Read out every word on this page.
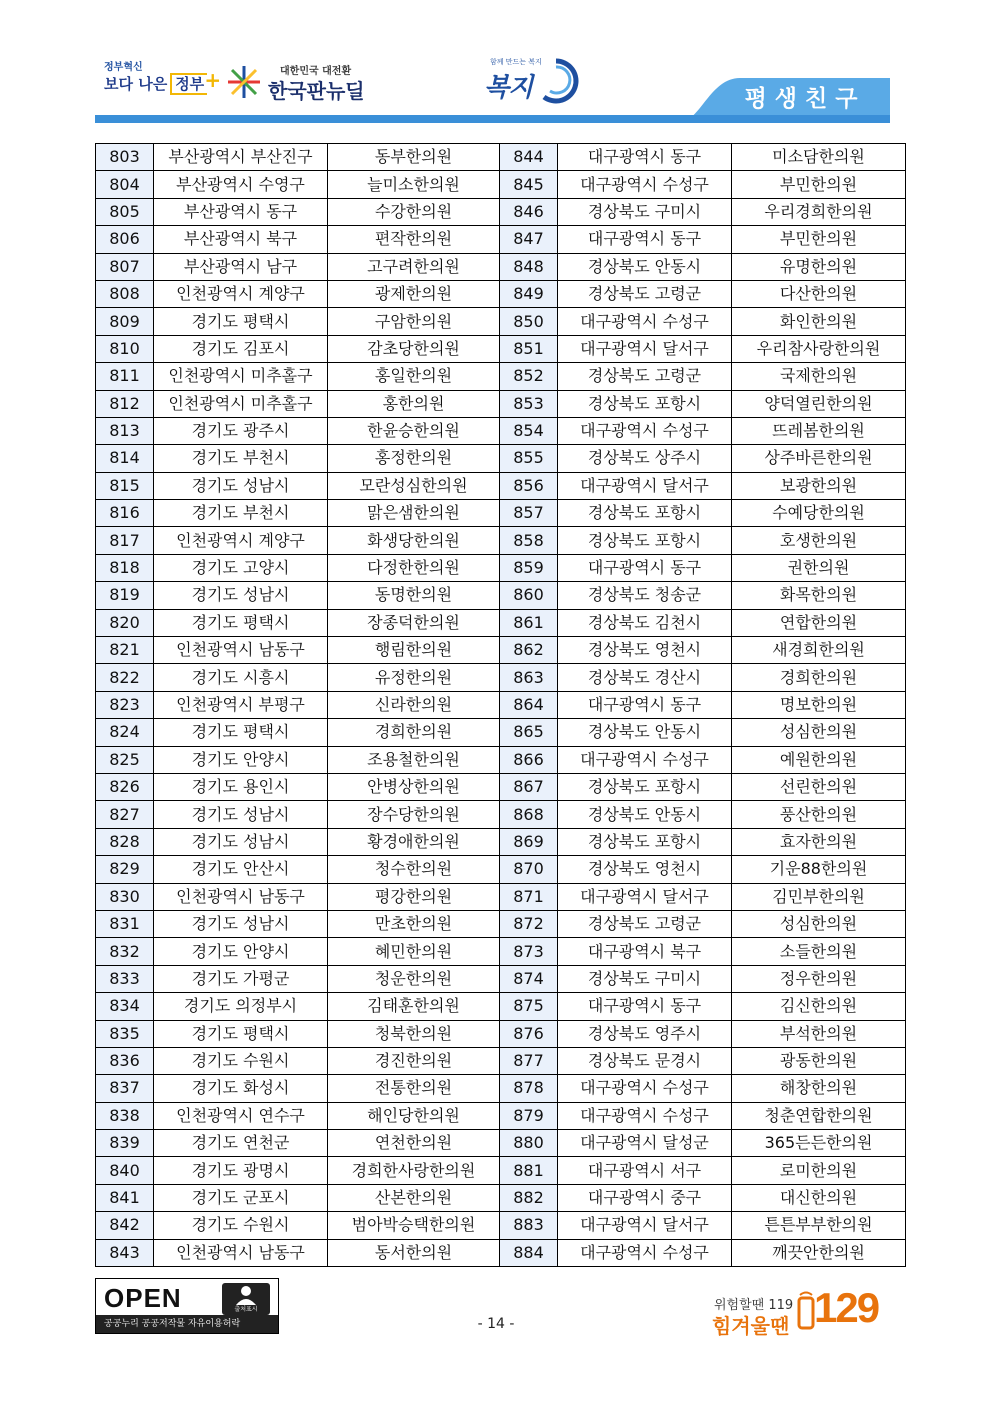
정부혁신
보다 나은 정부 +	대한민국 대전환
한국판뉴딜
함께 만드는 복지
복지	평생친구
803	부산광역시 부산진구	동부한의원	844	대구광역시 동구	미소담한의원
804	부산광역시 수영구	늘미소한의원	845	대구광역시 수성구	부민한의원
805	부산광역시 동구	수강한의원	846	경상북도 구미시	우리경희한의원
806	부산광역시 북구	편작한의원	847	대구광역시 동구	부민한의원
807	부산광역시 남구	고구려한의원	848	경상북도 안동시	유명한의원
808	인천광역시 계양구	광제한의원	849	경상북도 고령군	다산한의원
809	경기도 평택시	구암한의원	850	대구광역시 수성구	화인한의원
810	경기도 김포시	감초당한의원	851	대구광역시 달서구	우리참사랑한의원
811	인천광역시 미추홀구	홍일한의원	852	경상북도 고령군	국제한의원
812	인천광역시 미추홀구	홍한의원	853	경상북도 포항시	양덕열린한의원
813	경기도 광주시	한윤승한의원	854	대구광역시 수성구	뜨레봄한의원
814	경기도 부천시	홍정한의원	855	경상북도 상주시	상주바른한의원
815	경기도 성남시	모란성심한의원	856	대구광역시 달서구	보광한의원
816	경기도 부천시	맑은샘한의원	857	경상북도 포항시	수예당한의원
817	인천광역시 계양구	화생당한의원	858	경상북도 포항시	호생한의원
818	경기도 고양시	다정한한의원	859	대구광역시 동구	권한의원
819	경기도 성남시	동명한의원	860	경상북도 청송군	화목한의원
820	경기도 평택시	장종덕한의원	861	경상북도 김천시	연합한의원
821	인천광역시 남동구	행림한의원	862	경상북도 영천시	새경희한의원
822	경기도 시흥시	유정한의원	863	경상북도 경산시	경희한의원
823	인천광역시 부평구	신라한의원	864	대구광역시 동구	명보한의원
824	경기도 평택시	경희한의원	865	경상북도 안동시	성심한의원
825	경기도 안양시	조용철한의원	866	대구광역시 수성구	예원한의원
826	경기도 용인시	안병상한의원	867	경상북도 포항시	선린한의원
827	경기도 성남시	장수당한의원	868	경상북도 안동시	풍산한의원
828	경기도 성남시	황경애한의원	869	경상북도 포항시	효자한의원
829	경기도 안산시	청수한의원	870	경상북도 영천시	기운88한의원
830	인천광역시 남동구	평강한의원	871	대구광역시 달서구	김민부한의원
831	경기도 성남시	만초한의원	872	경상북도 고령군	성심한의원
832	경기도 안양시	혜민한의원	873	대구광역시 북구	소들한의원
833	경기도 가평군	청운한의원	874	경상북도 구미시	정우한의원
834	경기도 의정부시	김태훈한의원	875	대구광역시 동구	김신한의원
835	경기도 평택시	청북한의원	876	경상북도 영주시	부석한의원
836	경기도 수원시	경진한의원	877	경상북도 문경시	광동한의원
837	경기도 화성시	전통한의원	878	대구광역시 수성구	해창한의원
838	인천광역시 연수구	해인당한의원	879	대구광역시 수성구	청춘연합한의원
839	경기도 연천군	연천한의원	880	대구광역시 달성군	365든든한의원
840	경기도 광명시	경희한사랑한의원	881	대구광역시 서구	로미한의원
841	경기도 군포시	산본한의원	882	대구광역시 중구	대신한의원
842	경기도 수원시	범아박승택한의원	883	대구광역시 달서구	튼튼부부한의원
843	인천광역시 남동구	동서한의원	884	대구광역시 수성구	깨끗안한의원
OPEN	출처표시
공공누리 공공저작물 자유이용허락	- 14 -
위험할땐 119
힘겨울땐 129
